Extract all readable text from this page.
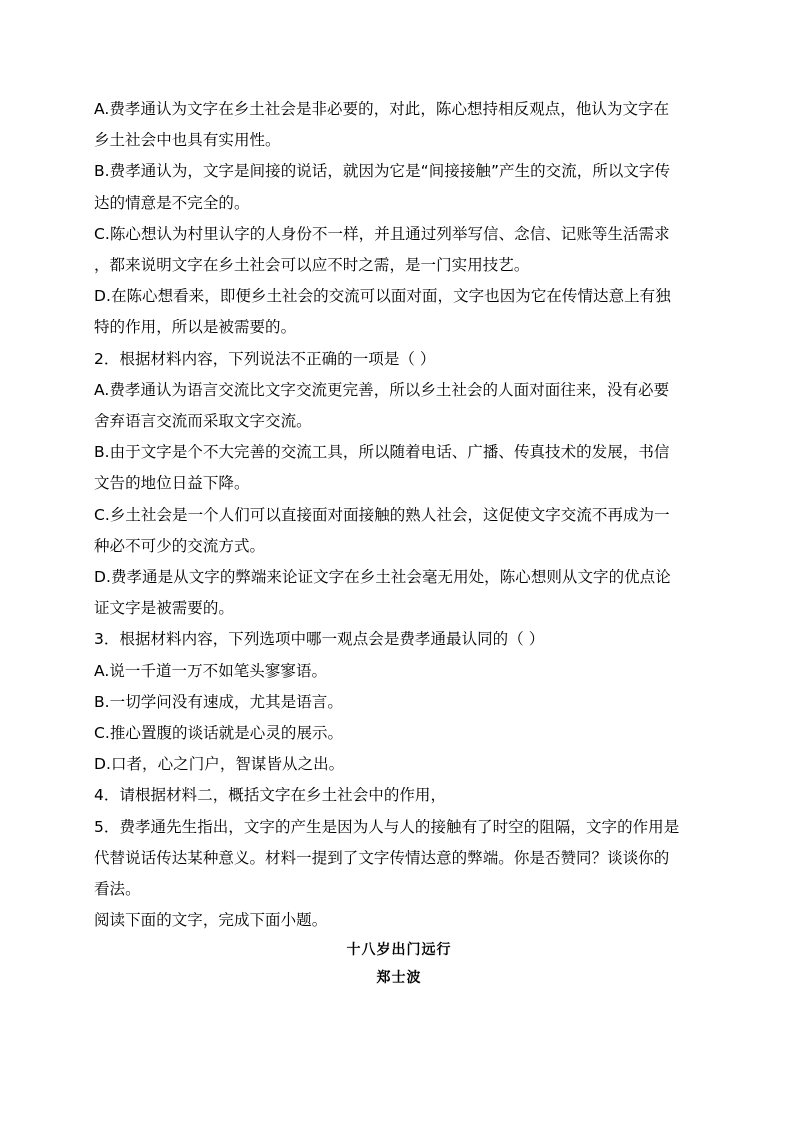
A.费孝通认为文字在乡土社会是非必要的，对此，陈心想持相反观点，他认为文字在
乡土社会中也具有实用性。
B.费孝通认为，文字是间接的说话，就因为它是“间接接触”产生的交流，所以文字传
达的情意是不完全的。
C.陈心想认为村里认字的人身份不一样，并且通过列举写信、念信、记账等生活需求
，都来说明文字在乡土社会可以应不时之需，是一门实用技艺。
D.在陈心想看来，即便乡土社会的交流可以面对面，文字也因为它在传情达意上有独
特的作用，所以是被需要的。
2．根据材料内容，下列说法不正确的一项是（ ）
A.费孝通认为语言交流比文字交流更完善，所以乡土社会的人面对面往来，没有必要
舍弃语言交流而采取文字交流。
B.由于文字是个不大完善的交流工具，所以随着电话、广播、传真技术的发展，书信
文告的地位日益下降。
C.乡土社会是一个人们可以直接面对面接触的熟人社会，这促使文字交流不再成为一
种必不可少的交流方式。
D.费孝通是从文字的弊端来论证文字在乡土社会毫无用处，陈心想则从文字的优点论
证文字是被需要的。
3．根据材料内容，下列选项中哪一观点会是费孝通最认同的（ ）
A.说一千道一万不如笔头寥寥语。
B.一切学问没有速成，尤其是语言。
C.推心置腹的谈话就是心灵的展示。
D.口者，心之门户，智谋皆从之出。
4．请根据材料二，概括文字在乡土社会中的作用，
5．费孝通先生指出，文字的产生是因为人与人的接触有了时空的阻隔，文字的作用是
代替说话传达某种意义。材料一提到了文字传情达意的弊端。你是否赞同？谈谈你的
看法。
阅读下面的文字，完成下面小题。
十八岁出门远行
郑士波
